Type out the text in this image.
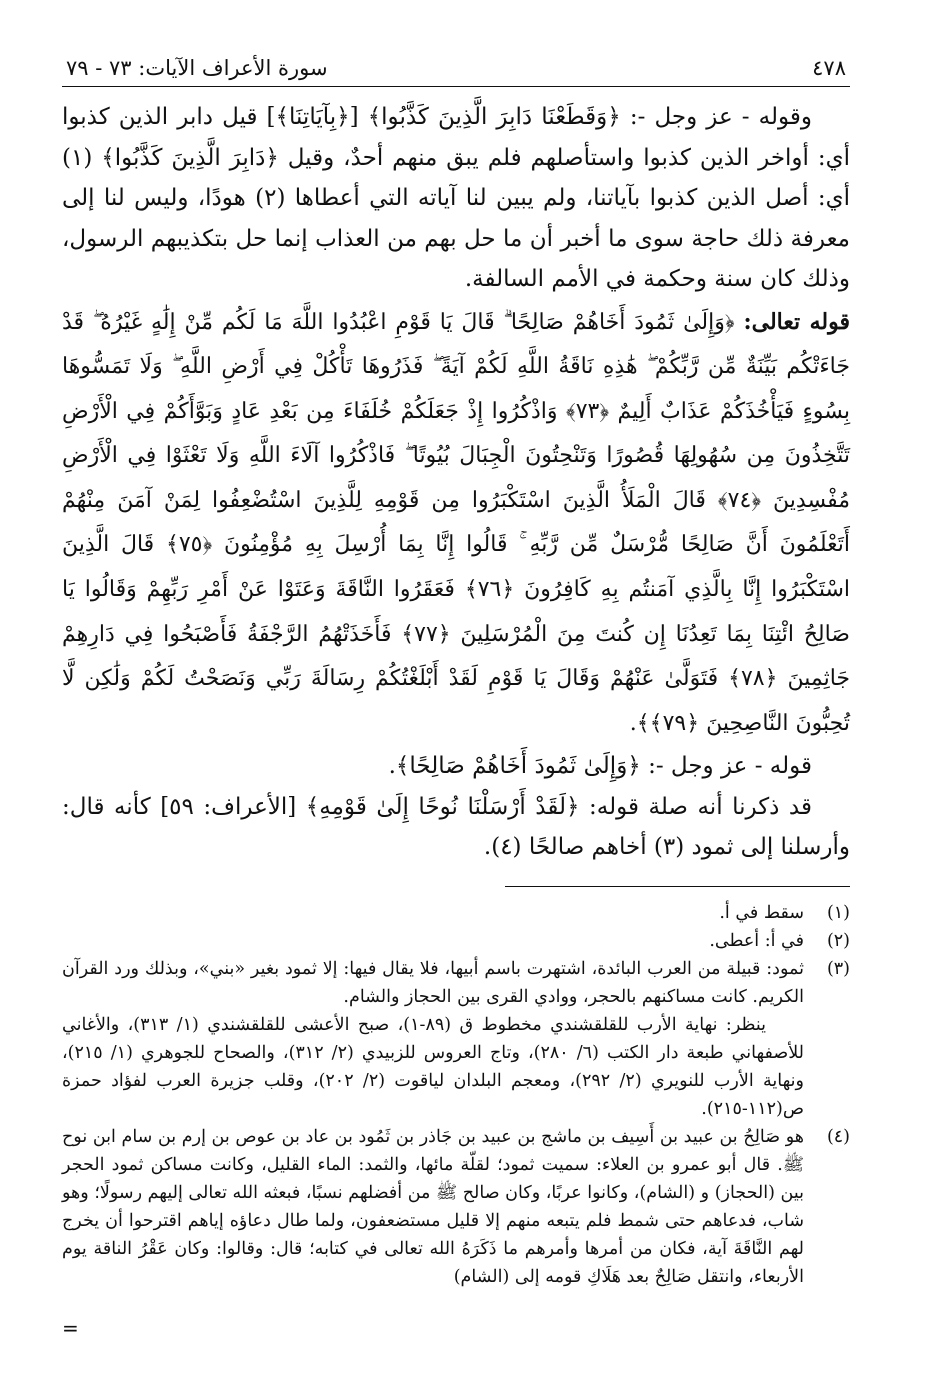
٤٧٨
سورة الأعراف الآيات: ٧٣ - ٧٩

وقوله - عز وجل -: ﴿وَقَطَعْنَا دَابِرَ الَّذِينَ كَذَّبُوا﴾ [﴿بِآيَاتِنَا﴾] قيل دابر الذين كذبوا أي: أواخر الذين كذبوا واستأصلهم فلم يبق منهم أحدٌ، وقيل ﴿دَابِرَ الَّذِينَ كَذَّبُوا﴾ (١) أي: أصل الذين كذبوا بآياتنا، ولم يبين لنا آياته التي أعطاها (٢) هودًا، وليس لنا إلى معرفة ذلك حاجة سوى ما أخبر أن ما حل بهم من العذاب إنما حل بتكذيبهم الرسول، وذلك كان سنة وحكمة في الأمم السالفة.

قوله تعالى: ﴿وَإِلَىٰ ثَمُودَ أَخَاهُمْ صَالِحًا ۗ قَالَ يَا قَوْمِ اعْبُدُوا اللَّهَ مَا لَكُم مِّنْ إِلَٰهٍ غَيْرُهُ ۖ قَدْ جَاءَتْكُم بَيِّنَةٌ مِّن رَّبِّكُمْ ۖ هَٰذِهِ نَاقَةُ اللَّهِ لَكُمْ آيَةً ۖ فَذَرُوهَا تَأْكُلْ فِي أَرْضِ اللَّهِ ۖ وَلَا تَمَسُّوهَا بِسُوءٍ فَيَأْخُذَكُمْ عَذَابٌ أَلِيمٌ ﴿٧٣﴾ وَاذْكُرُوا إِذْ جَعَلَكُمْ خُلَفَاءَ مِن بَعْدِ عَادٍ وَبَوَّأَكُمْ فِي الْأَرْضِ تَتَّخِذُونَ مِن سُهُولِهَا قُصُورًا وَتَنْحِتُونَ الْجِبَالَ بُيُوتًا ۖ فَاذْكُرُوا آلَاءَ اللَّهِ وَلَا تَعْثَوْا فِي الْأَرْضِ مُفْسِدِينَ ﴿٧٤﴾ قَالَ الْمَلَأُ الَّذِينَ اسْتَكْبَرُوا مِن قَوْمِهِ لِلَّذِينَ اسْتُضْعِفُوا لِمَنْ آمَنَ مِنْهُمْ أَتَعْلَمُونَ أَنَّ صَالِحًا مُّرْسَلٌ مِّن رَّبِّهِ ۚ قَالُوا إِنَّا بِمَا أُرْسِلَ بِهِ مُؤْمِنُونَ ﴿٧٥﴾ قَالَ الَّذِينَ اسْتَكْبَرُوا إِنَّا بِالَّذِي آمَنتُم بِهِ كَافِرُونَ ﴿٧٦﴾ فَعَقَرُوا النَّاقَةَ وَعَتَوْا عَنْ أَمْرِ رَبِّهِمْ وَقَالُوا يَا صَالِحُ ائْتِنَا بِمَا تَعِدُنَا إِن كُنتَ مِنَ الْمُرْسَلِينَ ﴿٧٧﴾ فَأَخَذَتْهُمُ الرَّجْفَةُ فَأَصْبَحُوا فِي دَارِهِمْ جَاثِمِينَ ﴿٧٨﴾ فَتَوَلَّىٰ عَنْهُمْ وَقَالَ يَا قَوْمِ لَقَدْ أَبْلَغْتُكُمْ رِسَالَةَ رَبِّي وَنَصَحْتُ لَكُمْ وَلَٰكِن لَّا تُحِبُّونَ النَّاصِحِينَ ﴿٧٩﴾﴾.

قوله - عز وجل -: ﴿وَإِلَىٰ ثَمُودَ أَخَاهُمْ صَالِحًا﴾.

قد ذكرنا أنه صلة قوله: ﴿لَقَدْ أَرْسَلْنَا نُوحًا إِلَىٰ قَوْمِهِ﴾ [الأعراف: ٥٩] كأنه قال: وأرسلنا إلى ثمود (٣) أخاهم صالحًا (٤).

(١)

سقط في أ.

(٢)

في أ: أعطى.

(٣)

ثمود: قبيلة من العرب البائدة، اشتهرت باسم أبيها، فلا يقال فيها: إلا ثمود بغير «بني»، وبذلك ورد القرآن الكريم. كانت مساكنهم بالحجر، ووادي القرى بين الحجاز والشام.

ينظر: نهاية الأرب للقلقشندي مخطوط ق (٨٩-١)، صبح الأعشى للقلقشندي (١/ ٣١٣)، والأغاني للأصفهاني طبعة دار الكتب (٦/ ٢٨٠)، وتاج العروس للزبيدي (٢/ ٣١٢)، والصحاح للجوهري (١/ ٢١٥)، ونهاية الأرب للنويري (٢/ ٢٩٢)، ومعجم البلدان لياقوت (٢/ ٢٠٢)، وقلب جزيرة العرب لفؤاد حمزة ص(١١٢-٢١٥).

(٤)

هو صَالِحُ بن عبيد بن أَسِيف بن ماشج بن عبيد بن جَاذر بن ثَمُود بن عاد بن عوص بن إرم بن سام ابن نوح ﷺ. قال أبو عمرو بن العلاء: سميت ثمود؛ لقلّة مائها، والثمد: الماء القليل، وكانت مساكن ثمود الحجر بين (الحجاز) و (الشام)، وكانوا عربًا، وكان صالح ﷺ من أفضلهم نسبًا، فبعثه الله تعالى إليهم رسولًا؛ وهو شاب، فدعاهم حتى شمط فلم يتبعه منهم إلا قليل مستضعفون، ولما طال دعاؤه إياهم اقترحوا أن يخرج لهم النَّاقَةَ آية، فكان من أمرها وأمرهم ما ذَكَرَهُ الله تعالى في كتابه؛ قال: وقالوا: وكان عَقْرُ الناقة يوم الأربعاء، وانتقل صَالِحٌ بعد هَلَاكِ قومه إلى (الشام)

=
